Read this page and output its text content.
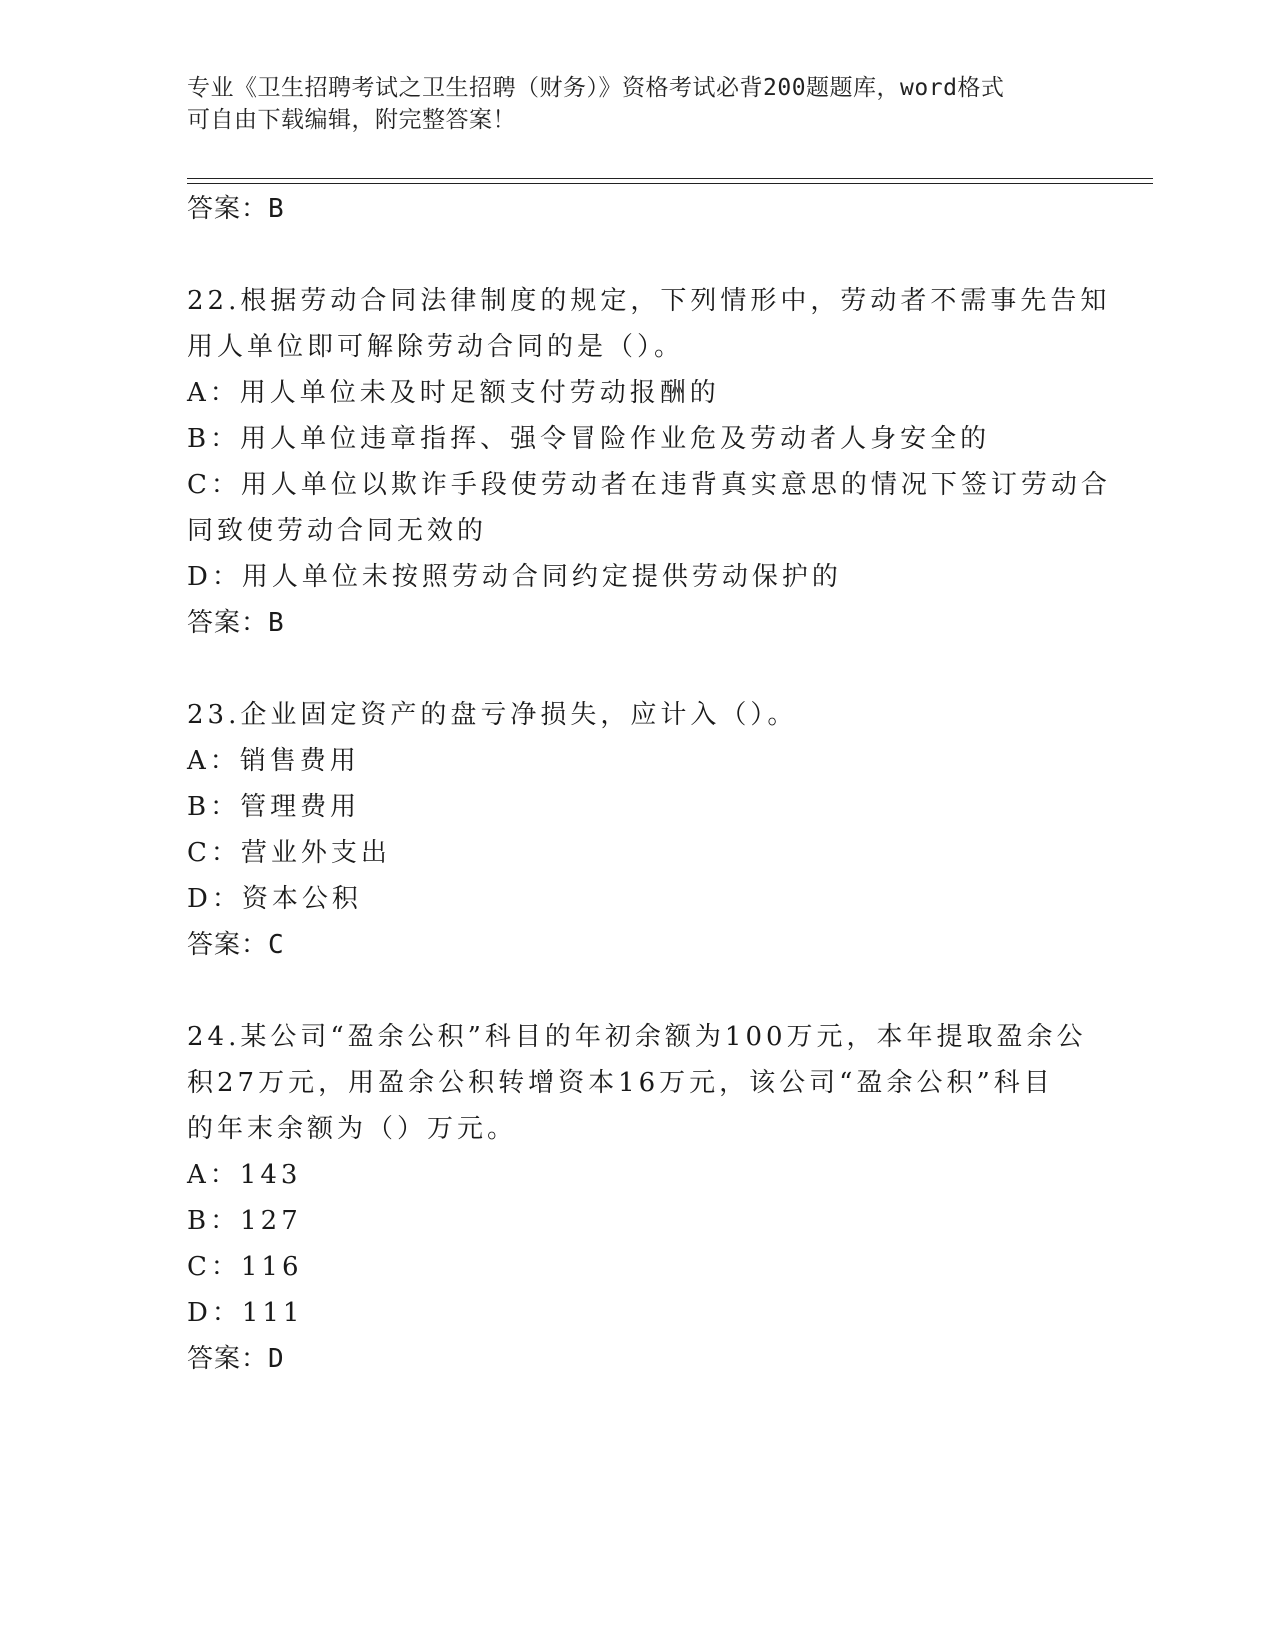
专业《卫生招聘考试之卫生招聘（财务）》资格考试必背200题题库，word格式
可自由下载编辑，附完整答案！
答案：B
22.根据劳动合同法律制度的规定，下列情形中，劳动者不需事先告知
用人单位即可解除劳动合同的是（）。
A：用人单位未及时足额支付劳动报酬的
B：用人单位违章指挥、强令冒险作业危及劳动者人身安全的
C：用人单位以欺诈手段使劳动者在违背真实意思的情况下签订劳动合
同致使劳动合同无效的
D：用人单位未按照劳动合同约定提供劳动保护的
答案：B
23.企业固定资产的盘亏净损失，应计入（）。
A：销售费用
B：管理费用
C：营业外支出
D：资本公积
答案：C
24.某公司“盈余公积”科目的年初余额为100万元，本年提取盈余公
积27万元，用盈余公积转增资本16万元，该公司“盈余公积”科目
的年末余额为（）万元。
A：143
B：127
C：116
D：111
答案：D
